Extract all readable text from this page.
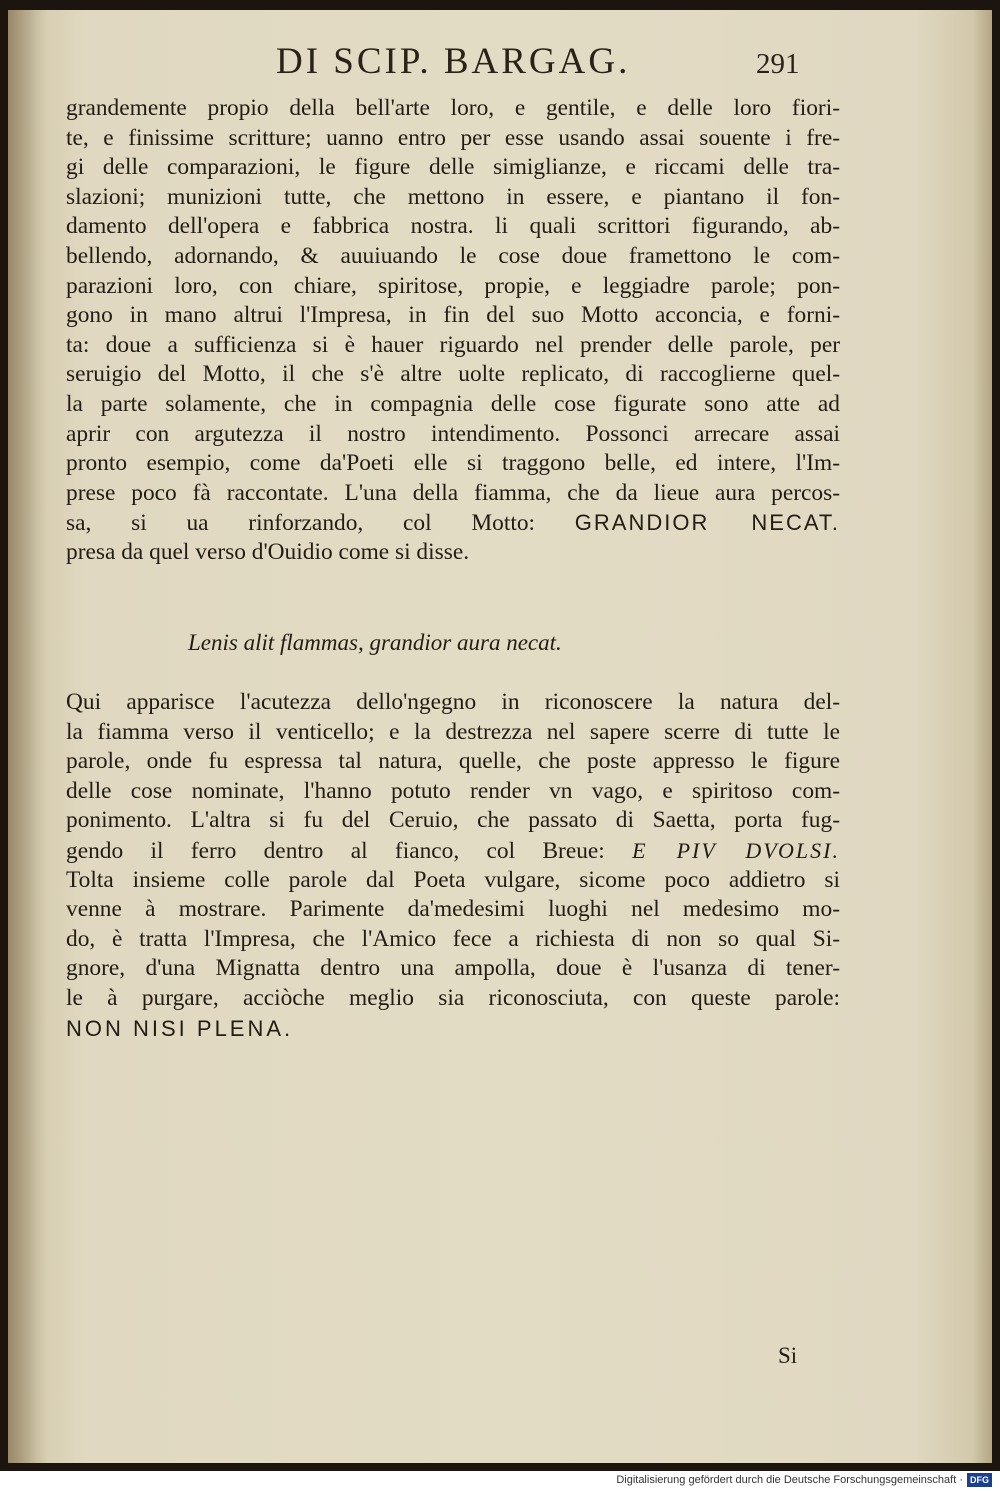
DI SCIP. BARGAG.	291
grandemente propio della bell'arte loro, e gentile, e delle loro fiori-
te, e finissime scritture; uanno entro per esse usando assai souente i fre-
gi delle comparazioni, le figure delle simiglianze, e riccami delle tra-
slazioni; munizioni tutte, che mettono in essere, e piantano il fon-
damento dell'opera e fabbrica nostra. li quali scrittori figurando, ab-
bellendo, adornando, & auuiuando le cose doue framettono le com-
parazioni loro, con chiare, spiritose, propie, e leggiadre parole; pon-
gono in mano altrui l'Impresa, in fin del suo Motto acconcia, e forni-
ta: doue a sufficienza si è hauer riguardo nel prender delle parole, per
seruigio del Motto, il che s'è altre uolte replicato, di raccoglierne quel-
la parte solamente, che in compagnia delle cose figurate sono atte ad
aprir con argutezza il nostro intendimento. Possonci arrecare assai
pronto esempio, come da'Poeti elle si traggono belle, ed intere, l'Im-
prese poco fà raccontate. L'una della fiamma, che da lieue aura percos-
sa, si ua rinforzando, col Motto: GRANDIOR NECAT.
presa da quel verso d'Ouidio come si disse.
Lenis alit flammas, grandior aura necat.
Qui apparisce l'acutezza dello'ngegno in riconoscere la natura del-
la fiamma verso il venticello; e la destrezza nel sapere scerre di tutte le
parole, onde fu espressa tal natura, quelle, che poste appresso le figure
delle cose nominate, l'hanno potuto render vn vago, e spiritoso com-
ponimento. L'altra si fu del Ceruio, che passato di Saetta, porta fug-
gendo il ferro dentro al fianco, col Breue: E PIV DVOLSI.
Tolta insieme colle parole dal Poeta vulgare, sicome poco addietro si
venne à mostrare. Parimente da'medesimi luoghi nel medesimo mo-
do, è tratta l'Impresa, che l'Amico fece a richiesta di non so qual Si-
gnore, d'una Mignatta dentro una ampolla, doue è l'usanza di tener-
le à purgare, acciòche meglio sia riconosciuta, con queste parole:
NON NISI PLENA.
Si
Digitalisierung gefördert durch die Deutsche Forschungsgemeinschaft · DFG
